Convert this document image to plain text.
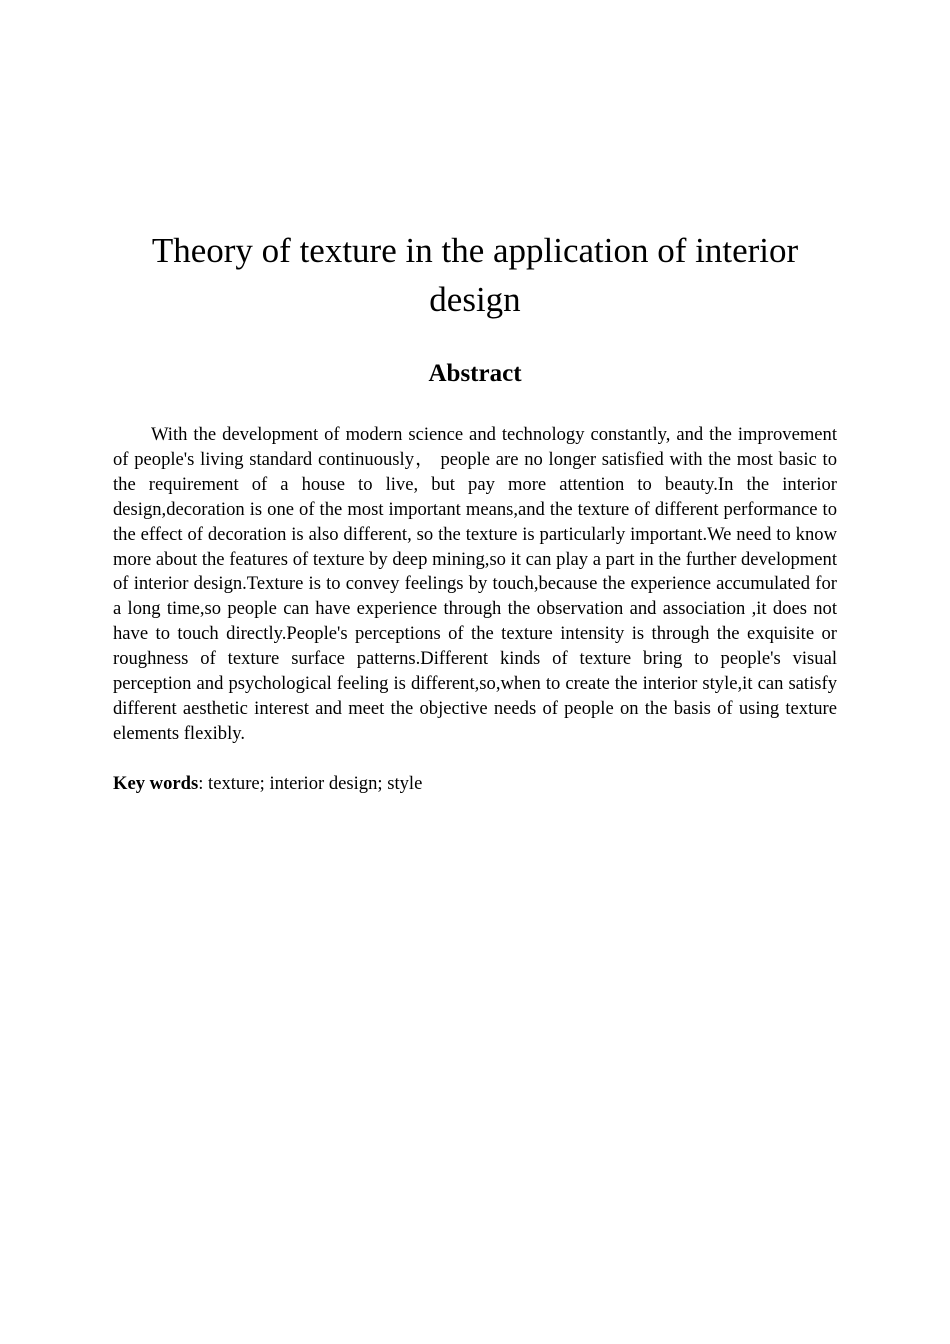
Theory of texture in the application of interior design
Abstract

With the development of modern science and technology constantly, and the improvement of people's living standard continuously， people are no longer satisfied with the most basic to the requirement of a house to live, but pay more attention to beauty.In the interior design,decoration is one of the most important means,and the texture of different performance to the effect of decoration is also different, so the texture is particularly important.We need to know more about the features of texture by deep mining,so it can play a part in the further development of interior design.Texture is to convey feelings by touch,because the experience accumulated for a long time,so people can have experience through the observation and association ,it does not have to touch directly.People's perceptions of the texture intensity is through the exquisite or roughness of texture surface patterns.Different kinds of texture bring to people's visual perception and psychological feeling is different,so,when to create the interior style,it can satisfy different aesthetic interest and meet the objective needs of people on the basis of using texture elements flexibly.

Key words: texture; interior design; style
